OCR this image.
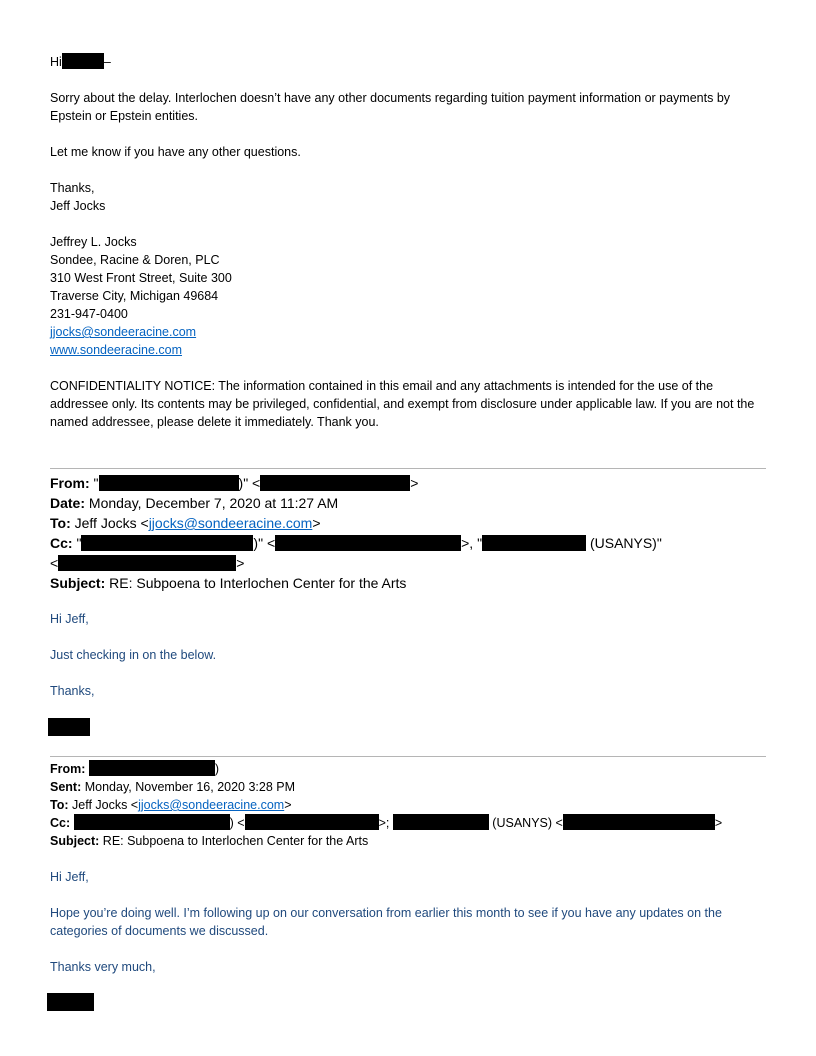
Hi	–
Sorry about the delay. Interlochen doesn’t have any other documents regarding tuition payment information or payments by Epstein or Epstein entities.
Let me know if you have any other questions.
Thanks,
Jeff Jocks
Jeffrey L. Jocks
Sondee, Racine & Doren, PLC
310 West Front Street, Suite 300
Traverse City, Michigan 49684
231-947-0400
jjocks@sondeeracine.com
www.sondeeracine.com
CONFIDENTIALITY NOTICE: The information contained in this email and any attachments is intended for the use of the addressee only. Its contents may be privileged, confidential, and exempt from disclosure under applicable law. If you are not the named addressee, please delete it immediately. Thank you.
From: "	)" <	>
Date: Monday, December 7, 2020 at 11:27 AM
To: Jeff Jocks <jjocks@sondeeracine.com>
Cc: "	)" <	>, "	(USANYS)"
<	>
Subject: RE: Subpoena to Interlochen Center for the Arts
Hi Jeff,
Just checking in on the below.
Thanks,
From:	)
Sent: Monday, November 16, 2020 3:28 PM
To: Jeff Jocks <jjocks@sondeeracine.com>
Cc:	) <	>;	(USANYS) <	>
Subject: RE: Subpoena to Interlochen Center for the Arts
Hi Jeff,
Hope you’re doing well. I’m following up on our conversation from earlier this month to see if you have any updates on the categories of documents we discussed.
Thanks very much,
